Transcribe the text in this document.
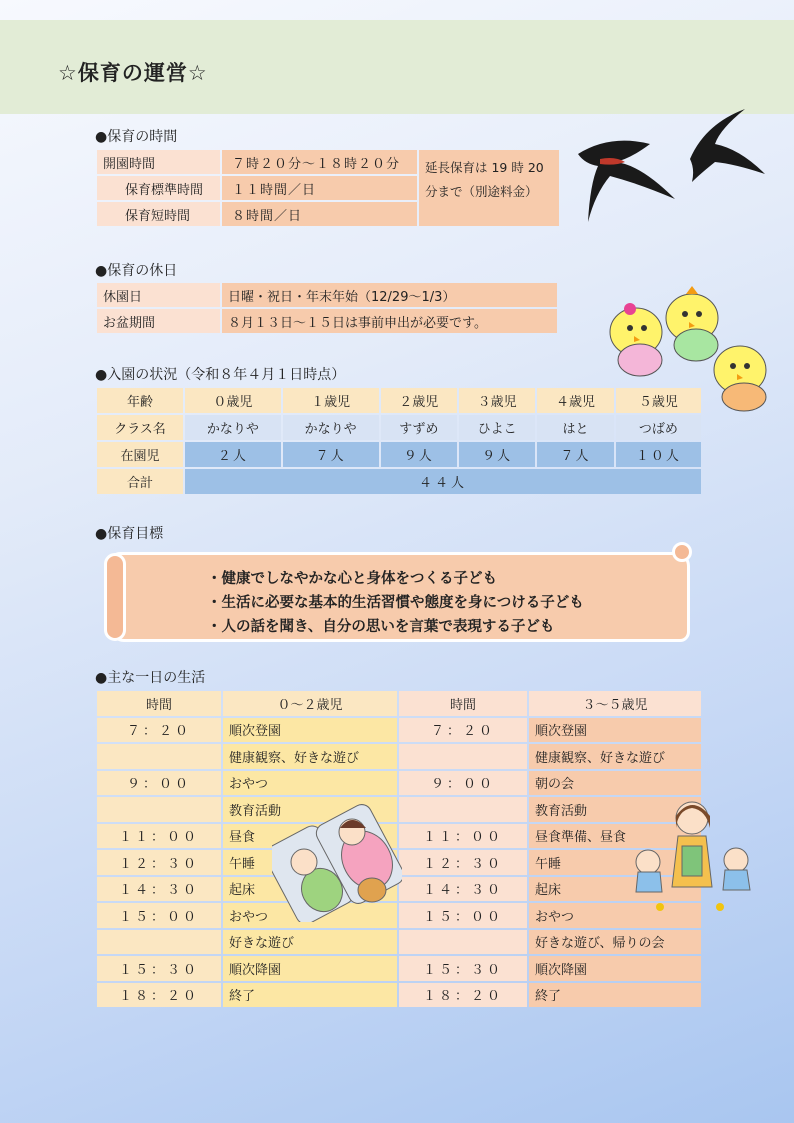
☆保育の運営☆
●保育の時間
開園時間	７時２０分～１８時２０分	延長保育は 19 時 20
分まで（別途料金）
保育標準時間	１１時間／日	
保育短時間	８時間／日	
●保育の休日
休園日	日曜・祝日・年末年始（12/29～1/3）
お盆期間	８月１３日～１５日は事前申出が必要です。
●入園の状況（令和８年４月１日時点）
年齢	０歳児	１歳児	２歳児	３歳児	４歳児	５歳児
クラス名	かなりや	かなりや	すずめ	ひよこ	はと	つばめ
在園児	２人	７人	９人	９人	７人	１０人
合計	４４人					
●保育目標
・健康でしなやかな心と身体をつくる子ども
・生活に必要な基本的生活習慣や態度を身につける子ども
・人の話を聞き、自分の思いを言葉で表現する子ども
●主な一日の生活
時間	０～２歳児	時間	３～５歳児
７：２０	順次登園	７：２０	順次登園
	健康観察、好きな遊び		健康観察、好きな遊び
９：００	おやつ	９：００	朝の会
	教育活動		教育活動
１１：００	昼食	１１：００	昼食準備、昼食
１２：３０	午睡	１２：３０	午睡
１４：３０	起床	１４：３０	起床
１５：００	おやつ	１５：００	おやつ
	好きな遊び		好きな遊び、帰りの会
１５：３０	順次降園	１５：３０	順次降園
１８：２０	終了	１８：２０	終了
